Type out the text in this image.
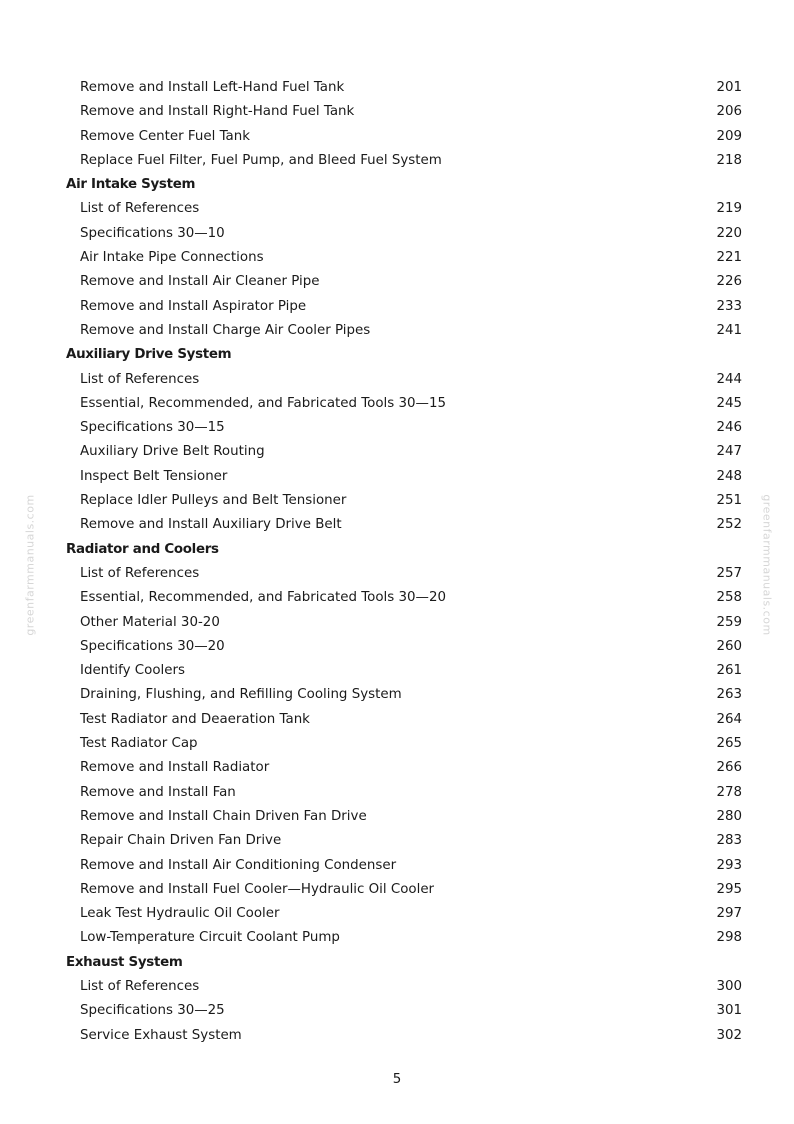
Remove and Install Left-Hand Fuel Tank	201
Remove and Install Right-Hand Fuel Tank	206
Remove Center Fuel Tank	209
Replace Fuel Filter, Fuel Pump, and Bleed Fuel System	218
Air Intake System
List of References	219
Specifications 30—10	220
Air Intake Pipe Connections	221
Remove and Install Air Cleaner Pipe	226
Remove and Install Aspirator Pipe	233
Remove and Install Charge Air Cooler Pipes	241
Auxiliary Drive System
List of References	244
Essential, Recommended, and Fabricated Tools 30—15	245
Specifications 30—15	246
Auxiliary Drive Belt Routing	247
Inspect Belt Tensioner	248
Replace Idler Pulleys and Belt Tensioner	251
Remove and Install Auxiliary Drive Belt	252
Radiator and Coolers
List of References	257
Essential, Recommended, and Fabricated Tools 30—20	258
Other Material 30-20	259
Specifications 30—20	260
Identify Coolers	261
Draining, Flushing, and Refilling Cooling System	263
Test Radiator and Deaeration Tank	264
Test Radiator Cap	265
Remove and Install Radiator	266
Remove and Install Fan	278
Remove and Install Chain Driven Fan Drive	280
Repair Chain Driven Fan Drive	283
Remove and Install Air Conditioning Condenser	293
Remove and Install Fuel Cooler—Hydraulic Oil Cooler	295
Leak Test Hydraulic Oil Cooler	297
Low-Temperature Circuit Coolant Pump	298
Exhaust System
List of References	300
Specifications 30—25	301
Service Exhaust System	302
5
greenfarmmanuals.com	greenfarmmanuals.com
